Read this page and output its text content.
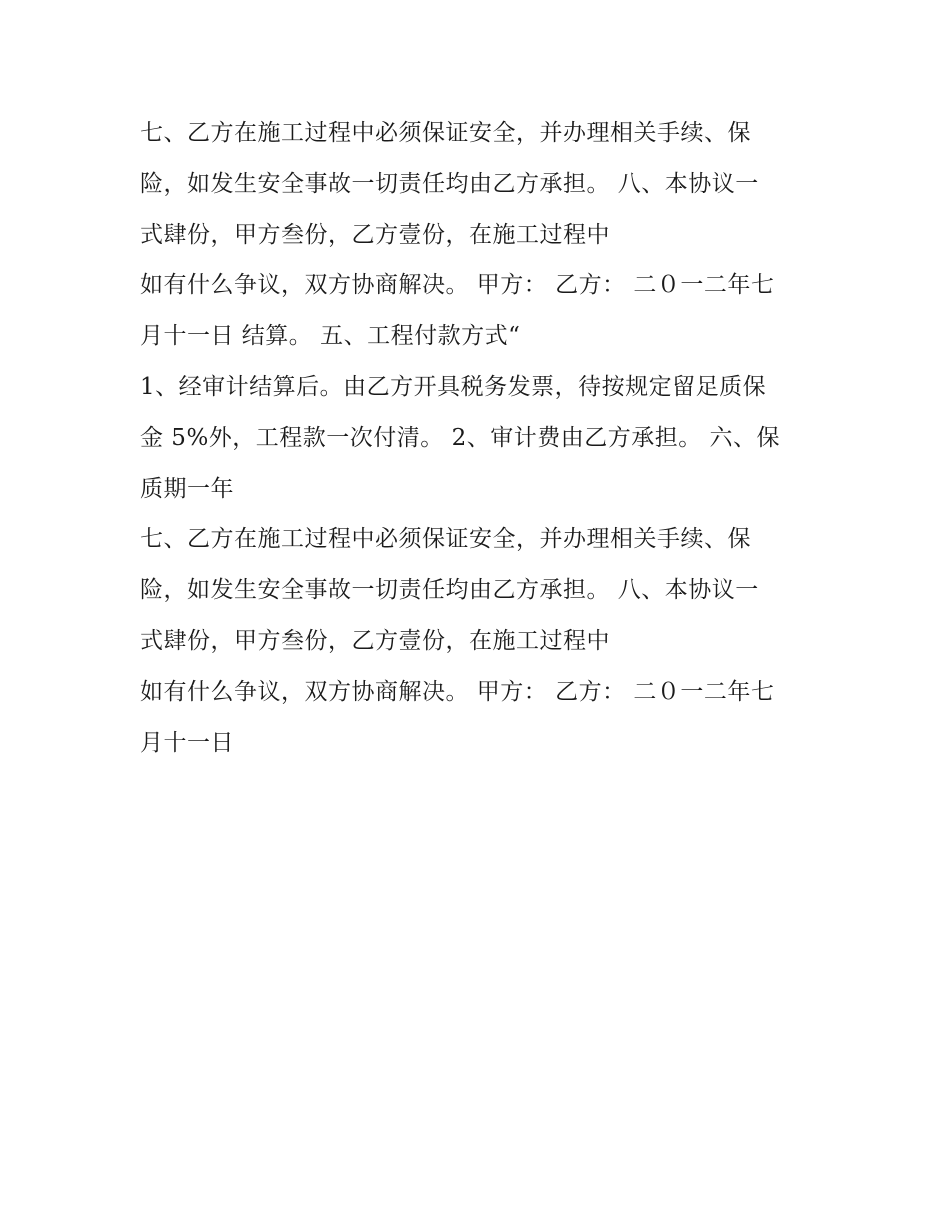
七、乙方在施工过程中必须保证安全，并办理相关手续、保
险，如发生安全事故一切责任均由乙方承担。 八、本协议一
式肆份，甲方叁份，乙方壹份，在施工过程中
如有什么争议，双方协商解决。 甲方： 乙方： 二０一二年七
月十一日 结算。 五、工程付款方式“
1、经审计结算后。由乙方开具税务发票，待按规定留足质保
金 5%外，工程款一次付清。 2、审计费由乙方承担。 六、保
质期一年
七、乙方在施工过程中必须保证安全，并办理相关手续、保
险，如发生安全事故一切责任均由乙方承担。 八、本协议一
式肆份，甲方叁份，乙方壹份，在施工过程中
如有什么争议，双方协商解决。 甲方： 乙方： 二０一二年七
月十一日
